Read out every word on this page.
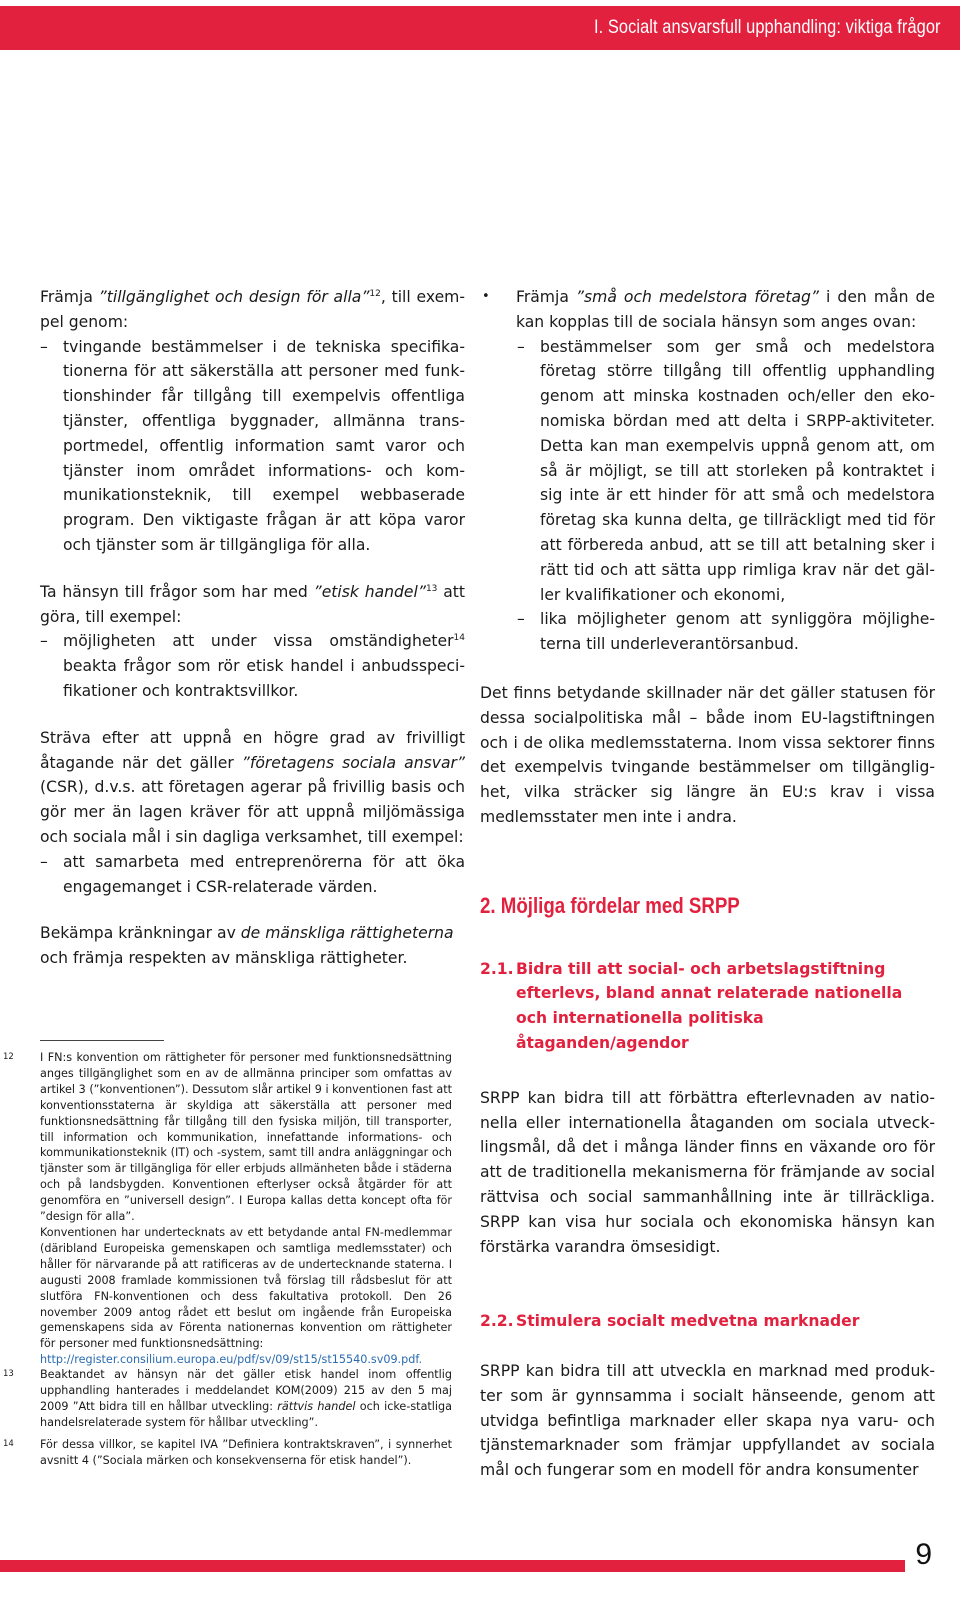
I. Socialt ansvarsfull upphandling: viktiga frågor
Främja ”tillgänglighet och design för alla”$^{12}$, till exempel genom:
– tvingande bestämmelser i de tekniska specifikationerna för att säkerställa att personer med funktionshinder får tillgång till exempelvis offentliga tjänster, offentliga byggnader, allmänna transportmedel, offentlig information samt varor och tjänster inom området informations- och kommunikationsteknik, till exempel webbaserade program. Den viktigaste frågan är att köpa varor och tjänster som är tillgängliga för alla.
Ta hänsyn till frågor som har med ”etisk handel”$^{13}$ att göra, till exempel:
– möjligheten att under vissa omständigheter$^{14}$ beakta frågor som rör etisk handel i anbudsspecifikationer och kontraktsvillkor.
Sträva efter att uppnå en högre grad av frivilligt åtagande när det gäller ”företagens sociala ansvar” (CSR), d.v.s. att företagen agerar på frivillig basis och gör mer än lagen kräver för att uppnå miljömässiga och sociala mål i sin dagliga verksamhet, till exempel:
– att samarbeta med entreprenörerna för att öka engagemanget i CSR-relaterade värden.
Bekämpa kränkningar av de mänskliga rättigheterna och främja respekten av mänskliga rättigheter.
• Främja ”små och medelstora företag” i den mån de kan kopplas till de sociala hänsyn som anges ovan:
– bestämmelser som ger små och medelstora företag större tillgång till offentlig upphandling genom att minska kostnaden och/eller den ekonomiska bördan med att delta i SRPP-aktiviteter. Detta kan man exempelvis uppnå genom att, om så är möjligt, se till att storleken på kontraktet i sig inte är ett hinder för att små och medelstora företag ska kunna delta, ge tillräckligt med tid för att förbereda anbud, att se till att betalning sker i rätt tid och att sätta upp rimliga krav när det gäller kvalifikationer och ekonomi,
– lika möjligheter genom att synliggöra möjligheterna till underleverantörsanbud.
Det finns betydande skillnader när det gäller statusen för dessa socialpolitiska mål – både inom EU-lagstiftningen och i de olika medlemsstaterna. Inom vissa sektorer finns det exempelvis tvingande bestämmelser om tillgänglighet, vilka sträcker sig längre än EU:s krav i vissa medlemsstater men inte i andra.
2. Möjliga fördelar med SRPP
2.1. Bidra till att social- och arbetslagstiftning efterlevs, bland annat relaterade nationella och internationella politiska åtaganden/agendor
SRPP kan bidra till att förbättra efterlevnaden av nationella eller internationella åtaganden om sociala utvecklingsmål, då det i många länder finns en växande oro för att de traditionella mekanismerna för främjande av social rättvisa och social sammanhållning inte är tillräckliga. SRPP kan visa hur sociala och ekonomiska hänsyn kan förstärka varandra ömsesidigt.
2.2. Stimulera socialt medvetna marknader
SRPP kan bidra till att utveckla en marknad med produkter som är gynnsamma i socialt hänseende, genom att utvidga befintliga marknader eller skapa nya varu- och tjänstemarknader som främjar uppfyllandet av sociala mål och fungerar som en modell för andra konsumenter
12 I FN:s konvention om rättigheter för personer med funktionsnedsättning anges tillgänglighet som en av de allmänna principer som omfattas av artikel 3 (”konventionen”). Dessutom slår artikel 9 i konventionen fast att konventionsstaterna är skyldiga att säkerställa att personer med funktionsnedsättning får tillgång till den fysiska miljön, till transporter, till information och kommunikation, innefattande informations- och kommunikationsteknik (IT) och -system, samt till andra anläggningar och tjänster som är tillgängliga för eller erbjuds allmänheten både i städerna och på landsbygden. Konventionen efterlyser också åtgärder för att genomföra en ”universell design”. I Europa kallas detta koncept ofta för ”design för alla”.
Konventionen har undertecknats av ett betydande antal FN-medlemmar (däribland Europeiska gemenskapen och samtliga medlemsstater) och håller för närvarande på att ratificeras av de undertecknande staterna. I augusti 2008 framlade kommissionen två förslag till rådsbeslut för att slutföra FN-konventionen och dess fakultativa protokoll. Den 26 november 2009 antog rådet ett beslut om ingående från Europeiska gemenskapens sida av Förenta nationernas konvention om rättigheter för personer med funktionsnedsättning:
http://register.consilium.europa.eu/pdf/sv/09/st15/st15540.sv09.pdf.
13 Beaktandet av hänsyn när det gäller etisk handel inom offentlig upphandling hanterades i meddelandet KOM(2009) 215 av den 5 maj 2009 ”Att bidra till en hållbar utveckling: rättvis handel och icke-statliga handelsrelaterade system för hållbar utveckling”.
14 För dessa villkor, se kapitel IVA ”Definiera kontraktskraven”, i synnerhet avsnitt 4 (”Sociala märken och konsekvenserna för etisk handel”).
9
